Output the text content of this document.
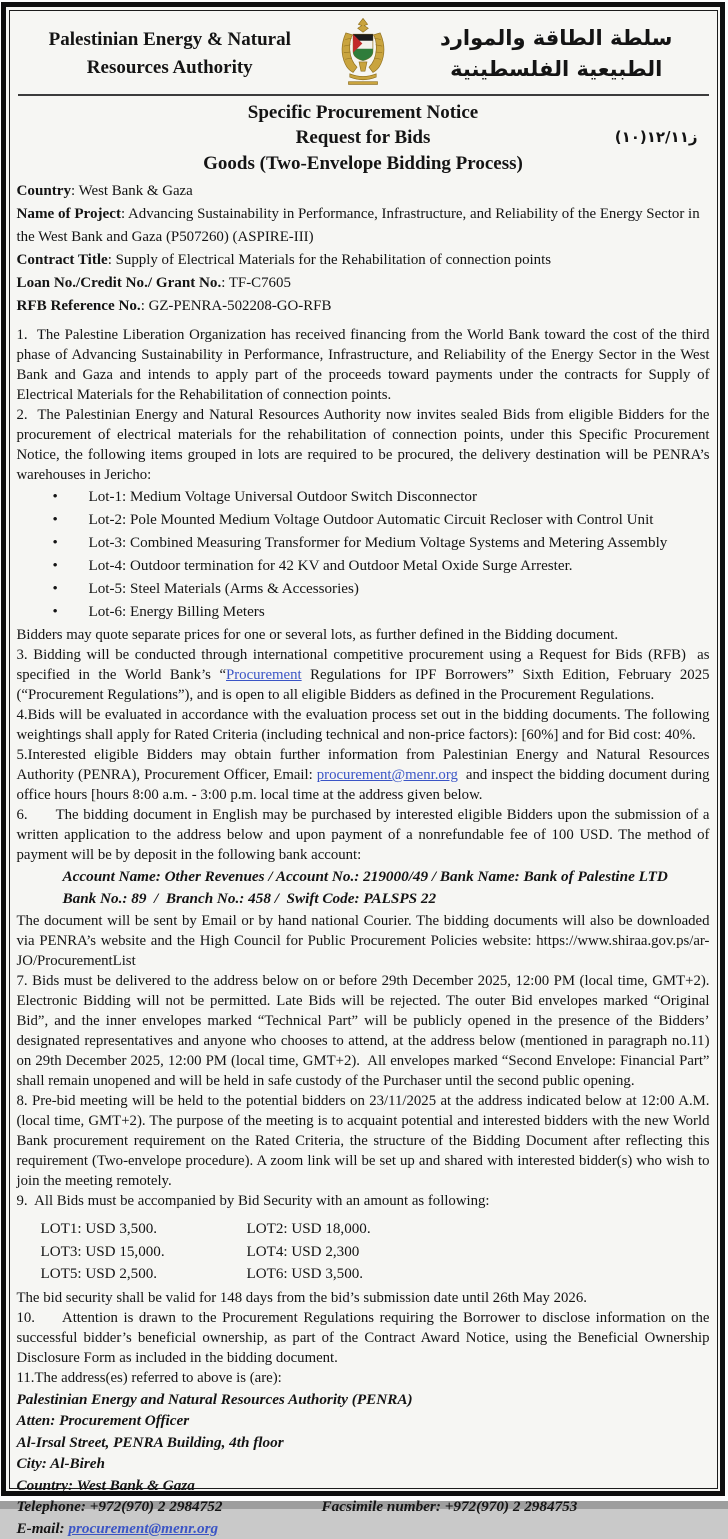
Palestinian Energy & Natural
Resources Authority
سلطة الطاقة والموارد
الطبيعية الفلسطينية

Specific Procurement Notice

Request for Bids

Goods (Two-Envelope Bidding Process)

ز١٢/١١(١٠)

Country: West Bank & Gaza

Name of Project: Advancing Sustainability in Performance, Infrastructure, and Reliability of the Energy Sector in the West Bank and Gaza (P507260) (ASPIRE-III)

Contract Title: Supply of Electrical Materials for the Rehabilitation of connection points

Loan No./Credit No./ Grant No.: TF-C7605

RFB Reference No.: GZ-PENRA-502208-GO-RFB

1.  The Palestine Liberation Organization has received financing from the World Bank toward the cost of the third phase of Advancing Sustainability in Performance, Infrastructure, and Reliability of the Energy Sector in the West Bank and Gaza and intends to apply part of the proceeds toward payments under the contracts for Supply of Electrical Materials for the Rehabilitation of connection points.

2.  The Palestinian Energy and Natural Resources Authority now invites sealed Bids from eligible Bidders for the procurement of electrical materials for the rehabilitation of connection points, under this Specific Procurement Notice, the following items grouped in lots are required to be procured, the delivery destination will be PENRA’s warehouses in Jericho:

• Lot-1: Medium Voltage Universal Outdoor Switch Disconnector
• Lot-2: Pole Mounted Medium Voltage Outdoor Automatic Circuit Recloser with Control Unit
• Lot-3: Combined Measuring Transformer for Medium Voltage Systems and Metering Assembly
• Lot-4: Outdoor termination for 42 KV and Outdoor Metal Oxide Surge Arrester.
• Lot-5: Steel Materials (Arms & Accessories)
• Lot-6: Energy Billing Meters

Bidders may quote separate prices for one or several lots, as further defined in the Bidding document.

3. Bidding will be conducted through international competitive procurement using a Request for Bids (RFB)  as specified in the World Bank’s “Procurement Regulations for IPF Borrowers” Sixth Edition, February 2025 (“Procurement Regulations”), and is open to all eligible Bidders as defined in the Procurement Regulations.

4.Bids will be evaluated in accordance with the evaluation process set out in the bidding documents. The following weightings shall apply for Rated Criteria (including technical and non-price factors): [60%] and for Bid cost: 40%.

5.Interested eligible Bidders may obtain further information from Palestinian Energy and Natural Resources Authority (PENRA), Procurement Officer, Email: procurement@menr.org  and inspect the bidding document during office hours [hours 8:00 a.m. - 3:00 p.m. local time at the address given below.

6.      The bidding document in English may be purchased by interested eligible Bidders upon the submission of a written application to the address below and upon payment of a nonrefundable fee of 100 USD. The method of payment will be by deposit in the following bank account:

Account Name: Other Revenues / Account No.: 219000/49 / Bank Name: Bank of Palestine LTD

Bank No.: 89  /  Branch No.: 458 /  Swift Code: PALSPS 22

The document will be sent by Email or by hand national Courier. The bidding documents will also be downloaded via PENRA’s website and the High Council for Public Procurement Policies website: https://www.shiraa.gov.ps/ar-JO/ProcurementList

7. Bids must be delivered to the address below on or before 29th December 2025, 12:00 PM (local time, GMT+2). Electronic Bidding will not be permitted. Late Bids will be rejected. The outer Bid envelopes marked “Original Bid”, and the inner envelopes marked “Technical Part” will be publicly opened in the presence of the Bidders’ designated representatives and anyone who chooses to attend, at the address below (mentioned in paragraph no.11) on 29th December 2025, 12:00 PM (local time, GMT+2).  All envelopes marked “Second Envelope: Financial Part” shall remain unopened and will be held in safe custody of the Purchaser until the second public opening.

8. Pre-bid meeting will be held to the potential bidders on 23/11/2025 at the address indicated below at 12:00 A.M. (local time, GMT+2). The purpose of the meeting is to acquaint potential and interested bidders with the new World Bank procurement requirement on the Rated Criteria, the structure of the Bidding Document after reflecting this requirement (Two-envelope procedure). A zoom link will be set up and shared with interested bidder(s) who wish to join the meeting remotely.

9.  All Bids must be accompanied by Bid Security with an amount as following:

LOT1: USD 3,500.	LOT2: USD 18,000.
LOT3: USD 15,000.	LOT4: USD 2,300
LOT5: USD 2,500.	LOT6: USD 3,500.

The bid security shall be valid for 148 days from the bid’s submission date until 26th May 2026.

10.     Attention is drawn to the Procurement Regulations requiring the Borrower to disclose information on the successful bidder’s beneficial ownership, as part of the Contract Award Notice, using the Beneficial Ownership Disclosure Form as included in the bidding document.

11.The address(es) referred to above is (are):

Palestinian Energy and Natural Resources Authority (PENRA)

Atten: Procurement Officer

Al-Irsal Street, PENRA Building, 4th floor

City: Al-Bireh

Country: West Bank & Gaza

Telephone: +972(970) 2 2984752	Facsimile number: +972(970) 2 2984753

E-mail: procurement@menr.org
